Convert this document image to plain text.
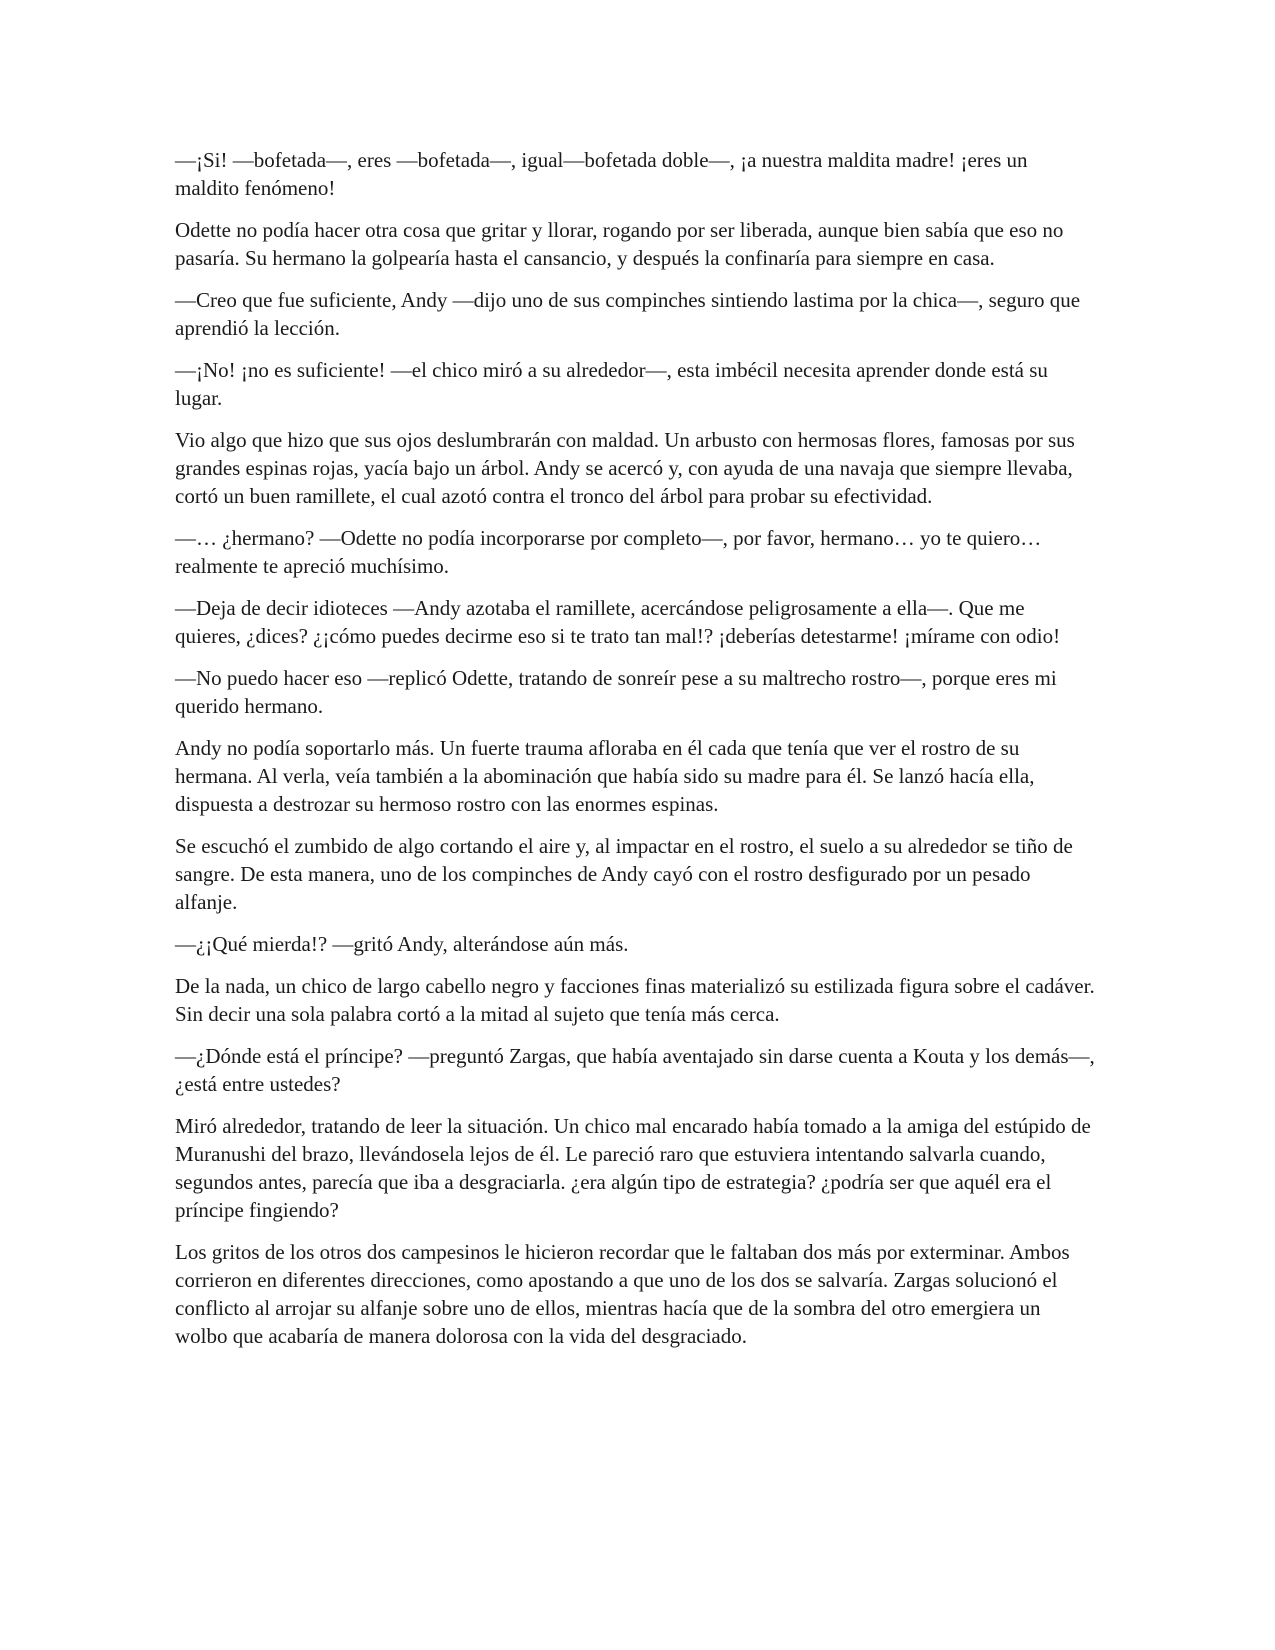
—¡Si! —bofetada—, eres —bofetada—, igual—bofetada doble—, ¡a nuestra maldita madre! ¡eres un maldito fenómeno!

Odette no podía hacer otra cosa que gritar y llorar, rogando por ser liberada, aunque bien sabía que eso no pasaría. Su hermano la golpearía hasta el cansancio, y después la confinaría para siempre en casa.

—Creo que fue suficiente, Andy —dijo uno de sus compinches sintiendo lastima por la chica—, seguro que aprendió la lección.

—¡No! ¡no es suficiente! —el chico miró a su alrededor—, esta imbécil necesita aprender donde está su lugar.

Vio algo que hizo que sus ojos deslumbrarán con maldad. Un arbusto con hermosas flores, famosas por sus grandes espinas rojas, yacía bajo un árbol. Andy se acercó y, con ayuda de una navaja que siempre llevaba, cortó un buen ramillete, el cual azotó contra el tronco del árbol para probar su efectividad.

—… ¿hermano? —Odette no podía incorporarse por completo—, por favor, hermano… yo te quiero… realmente te apreció muchísimo.

—Deja de decir idioteces —Andy azotaba el ramillete, acercándose peligrosamente a ella—. Que me quieres, ¿dices? ¿¡cómo puedes decirme eso si te trato tan mal!? ¡deberías detestarme! ¡mírame con odio!

—No puedo hacer eso —replicó Odette, tratando de sonreír pese a su maltrecho rostro—, porque eres mi querido hermano.

Andy no podía soportarlo más. Un fuerte trauma afloraba en él cada que tenía que ver el rostro de su hermana. Al verla, veía también a la abominación que había sido su madre para él. Se lanzó hacía ella, dispuesta a destrozar su hermoso rostro con las enormes espinas.

Se escuchó el zumbido de algo cortando el aire y, al impactar en el rostro, el suelo a su alrededor se tiño de sangre. De esta manera, uno de los compinches de Andy cayó con el rostro desfigurado por un pesado alfanje.

—¿¡Qué mierda!? —gritó Andy, alterándose aún más.

De la nada, un chico de largo cabello negro y facciones finas materializó su estilizada figura sobre el cadáver. Sin decir una sola palabra cortó a la mitad al sujeto que tenía más cerca.

—¿Dónde está el príncipe? —preguntó Zargas, que había aventajado sin darse cuenta a Kouta y los demás—, ¿está entre ustedes?

Miró alrededor, tratando de leer la situación. Un chico mal encarado había tomado a la amiga del estúpido de Muranushi del brazo, llevándosela lejos de él. Le pareció raro que estuviera intentando salvarla cuando, segundos antes, parecía que iba a desgraciarla. ¿era algún tipo de estrategia? ¿podría ser que aquél era el príncipe fingiendo?

Los gritos de los otros dos campesinos le hicieron recordar que le faltaban dos más por exterminar. Ambos corrieron en diferentes direcciones, como apostando a que uno de los dos se salvaría. Zargas solucionó el conflicto al arrojar su alfanje sobre uno de ellos, mientras hacía que de la sombra del otro emergiera un wolbo que acabaría de manera dolorosa con la vida del desgraciado.
